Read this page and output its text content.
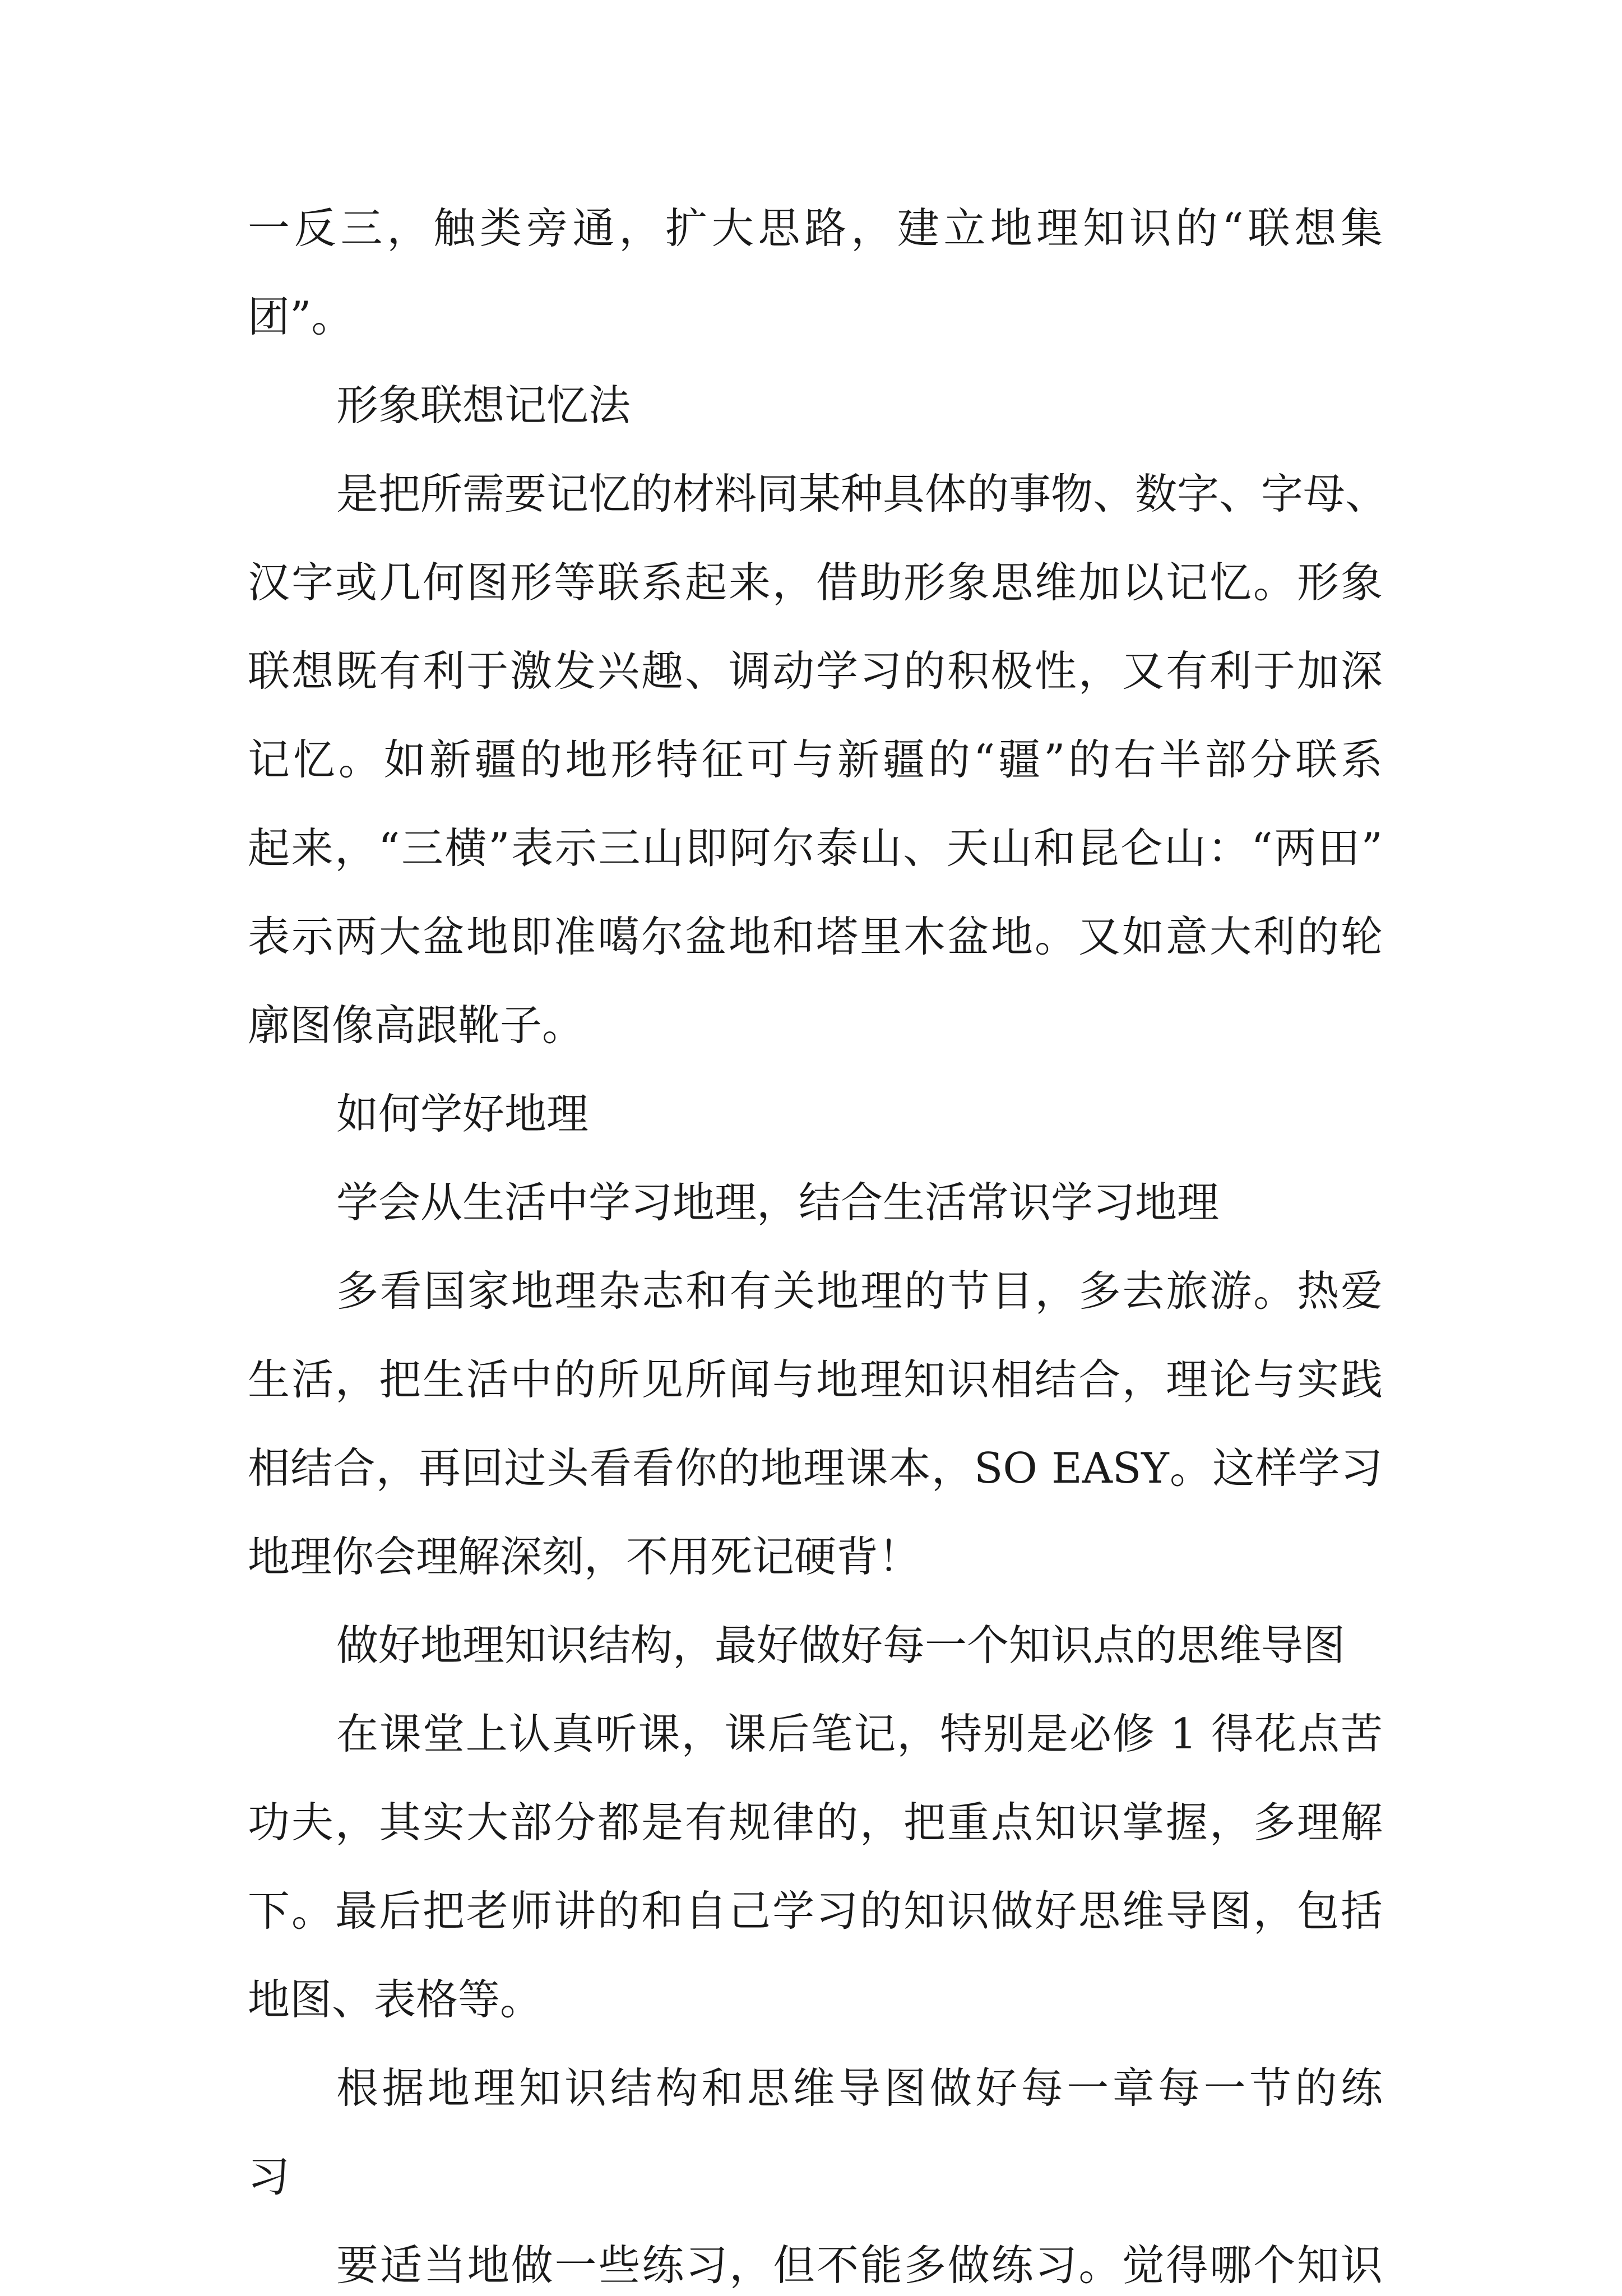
一反三，触类旁通，扩大思路，建立地理知识的“联想集
团”。
形象联想记忆法
是把所需要记忆的材料同某种具体的事物、数字、字母、
汉字或几何图形等联系起来，借助形象思维加以记忆。形象
联想既有利于激发兴趣、调动学习的积极性，又有利于加深
记忆。如新疆的地形特征可与新疆的“疆”的右半部分联系
起来，“三横”表示三山即阿尔泰山、天山和昆仑山：“两田”
表示两大盆地即准噶尔盆地和塔里木盆地。又如意大利的轮
廓图像高跟靴子。
如何学好地理
学会从生活中学习地理，结合生活常识学习地理
多看国家地理杂志和有关地理的节目，多去旅游。热爱
生活，把生活中的所见所闻与地理知识相结合，理论与实践
相结合，再回过头看看你的地理课本，SO EASY。这样学习
地理你会理解深刻，不用死记硬背！
做好地理知识结构，最好做好每一个知识点的思维导图
在课堂上认真听课，课后笔记，特别是必修 1 得花点苦
功夫，其实大部分都是有规律的，把重点知识掌握，多理解
下。最后把老师讲的和自己学习的知识做好思维导图，包括
地图、表格等。
根据地理知识结构和思维导图做好每一章每一节的练
习
要适当地做一些练习，但不能多做练习。觉得哪个知识
